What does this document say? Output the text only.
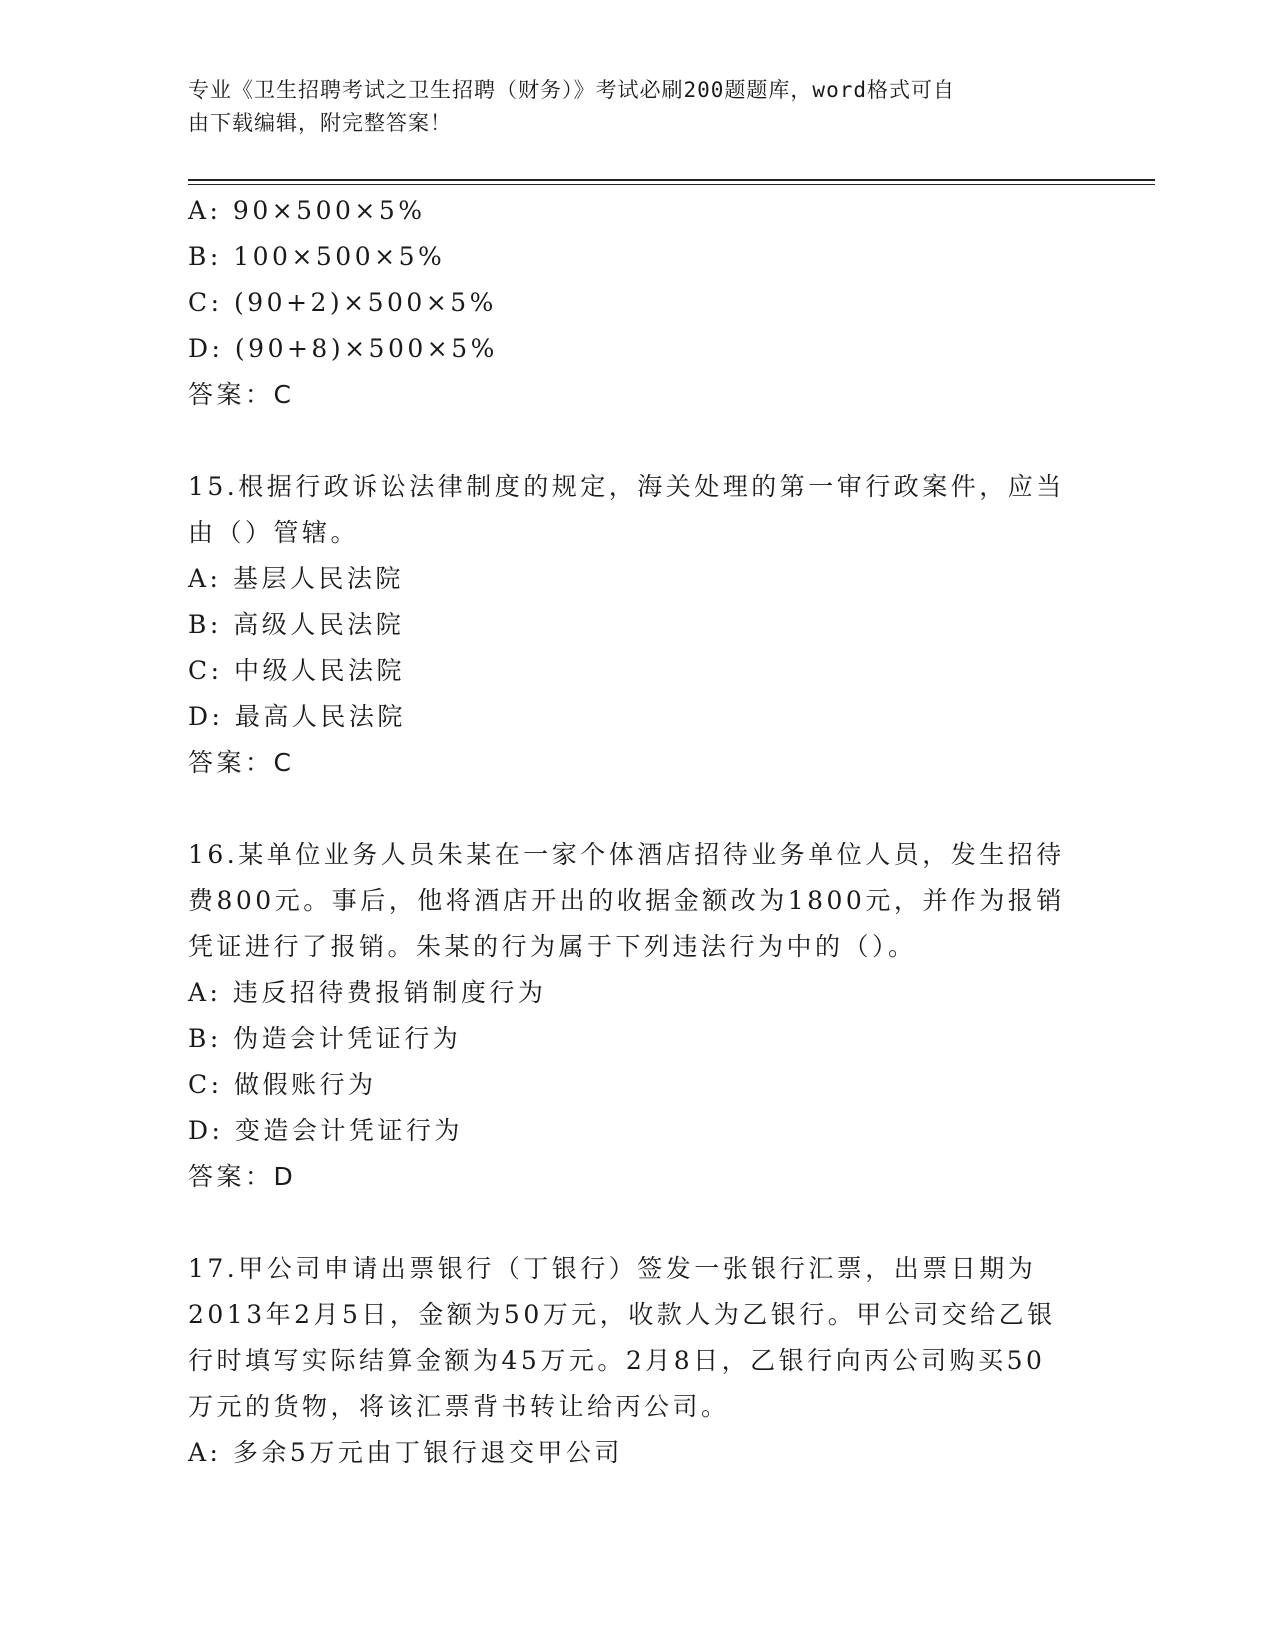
专业《卫生招聘考试之卫生招聘（财务）》考试必刷200题题库，word格式可自
由下载编辑，附完整答案！
A: 90×500×5%
B: 100×500×5%
C: (90+2)×500×5%
D: (90+8)×500×5%
答案：C
15.根据行政诉讼法律制度的规定，海关处理的第一审行政案件，应当
由（）管辖。
A: 基层人民法院
B: 高级人民法院
C: 中级人民法院
D: 最高人民法院
答案：C
16.某单位业务人员朱某在一家个体酒店招待业务单位人员，发生招待
费800元。事后，他将酒店开出的收据金额改为1800元，并作为报销
凭证进行了报销。朱某的行为属于下列违法行为中的（）。
A: 违反招待费报销制度行为
B: 伪造会计凭证行为
C: 做假账行为
D: 变造会计凭证行为
答案：D
17.甲公司申请出票银行（丁银行）签发一张银行汇票，出票日期为
2013年2月5日，金额为50万元，收款人为乙银行。甲公司交给乙银
行时填写实际结算金额为45万元。2月8日，乙银行向丙公司购买50
万元的货物，将该汇票背书转让给丙公司。
A: 多余5万元由丁银行退交甲公司
